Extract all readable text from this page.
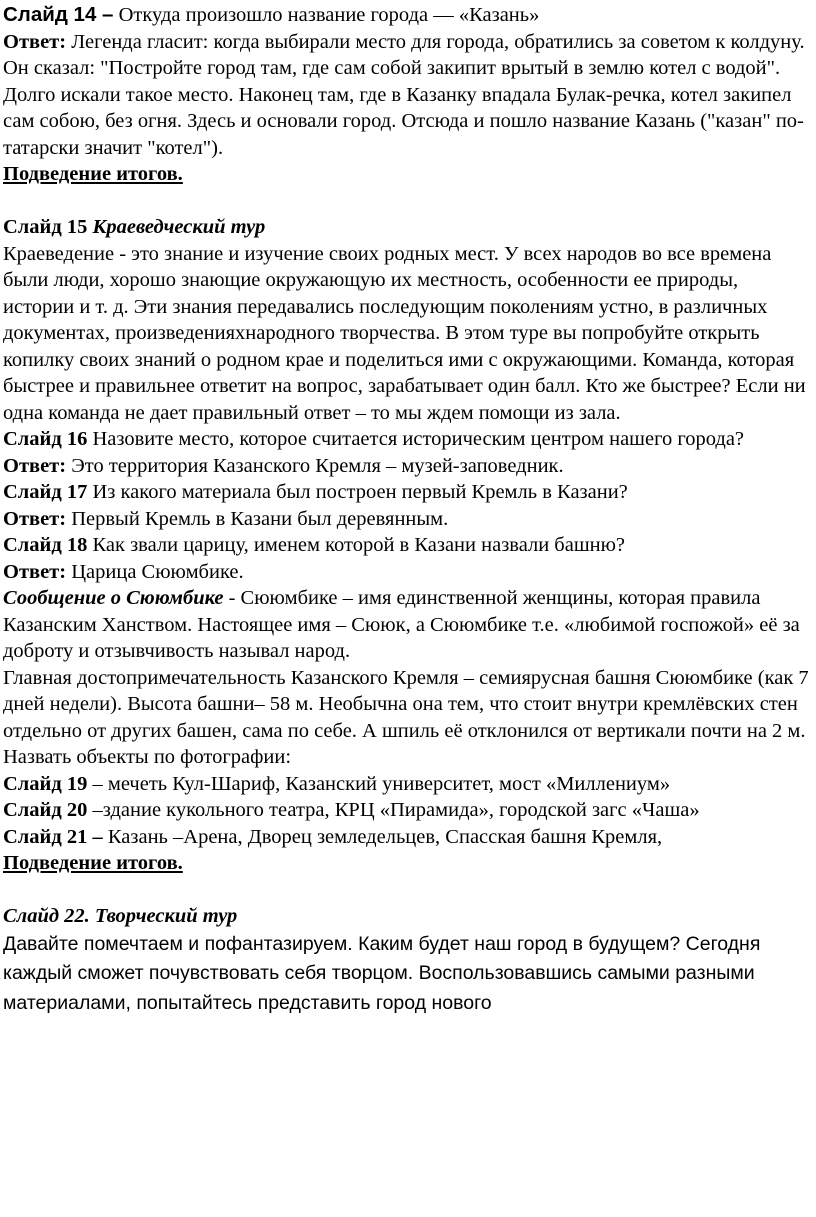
Слайд 14 – Откуда произошло название города — «Казань»

Ответ: Легенда гласит: когда выбирали место для города, обратились за советом к колдуну. Он сказал: "Постройте город там, где сам собой закипит врытый в землю котел с водой". Долго искали такое место. Наконец там, где в Казанку впадала Булак-речка, котел закипел сам собою, без огня. Здесь и основали город. Отсюда и пошло название Казань ("казан" по-татарски значит "котел").

Подведение итогов.

Слайд 15 Краеведческий тур

Краеведение - это знание и изучение своих родных мест. У всех народов во все времена были люди, хорошо знающие окружающую их местность, особенности ее природы, истории и т. д. Эти знания передавались последующим поколениям устно, в различных документах, произведенияхнародного творчества. В этом туре вы попробуйте открыть копилку своих знаний о родном крае и поделиться ими с окружающими. Команда, которая быстрее и правильнее ответит на вопрос, зарабатывает один балл. Кто же быстрее? Если ни одна команда не дает правильный ответ – то мы ждем помощи из зала.

Слайд 16 Назовите место, которое считается историческим центром нашего города?

Ответ: Это территория Казанского Кремля – музей-заповедник.

Слайд 17 Из какого материала был построен первый Кремль в Казани?

Ответ: Первый Кремль в Казани был деревянным.

Слайд 18 Как звали царицу, именем которой в Казани назвали башню?

Ответ: Царица Сююмбике.

Сообщение о Сююмбике - Сююмбике – имя единственной женщины, которая правила Казанским Ханством. Настоящее имя – Сююк, а Сююмбике т.е. «любимой госпожой» её за доброту и отзывчивость называл народ.

Главная достопримечательность Казанского Кремля – семиярусная башня Сююмбике (как 7 дней недели). Высота башни– 58 м. Необычна она тем, что стоит внутри кремлёвских стен отдельно от других башен, сама по себе. А шпиль её отклонился от вертикали почти на 2 м.

Назвать объекты по фотографии:

Слайд 19 – мечеть Кул-Шариф, Казанский университет, мост «Миллениум»

Слайд 20 –здание кукольного театра, КРЦ «Пирамида», городской загс «Чаша»

Слайд 21 – Казань –Арена, Дворец земледельцев, Спасская башня Кремля,

Подведение итогов.

Слайд 22. Творческий тур

Давайте помечтаем и пофантазируем. Каким будет наш город в будущем? Сегодня каждый сможет почувствовать себя творцом. Воспользовавшись самыми разными материалами, попытайтесь представить город нового
